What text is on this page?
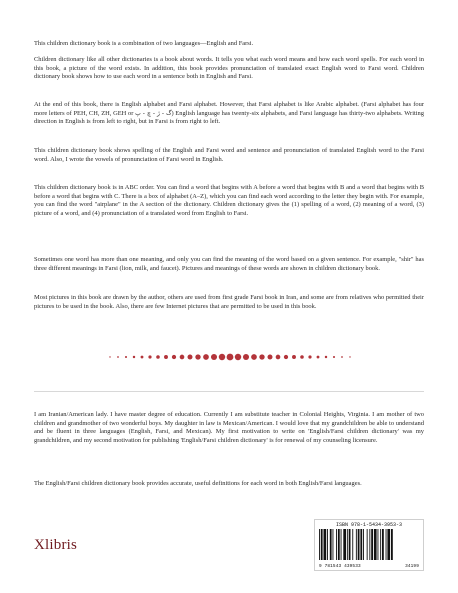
This children dictionary book is a combination of two languages—English and Farsi.

Children dictionary like all other dictionaries is a book about words. It tells you what each word means and how each word spells. For each word in this book, a picture of the word exists. In addition, this book provides pronunciation of translated exact English word to Farsi word. Children dictionary book shows how to use each word in a sentence both in English and Farsi.

At the end of this book, there is English alphabet and Farsi alphabet. However, that Farsi alphabet is like Arabic alphabet. (Farsi alphabet has four more letters of PEH, CH, ZH, GEH or گ - ژ - چ - پ) English language has twenty-six alphabets, and Farsi language has thirty-two alphabets. Writing direction in English is from left to right, but in Farsi is from right to left.

This children dictionary book shows spelling of the English and Farsi word and sentence and pronunciation of translated English word to the Farsi word. Also, I wrote the vowels of pronunciation of Farsi word in English.

This children dictionary book is in ABC order. You can find a word that begins with A before a word that begins with B and a word that begins with B before a word that begins with C. There is a box of alphabet (A–Z), which you can find each word according to the letter they begin with. For example, you can find the word "airplane" in the A section of the dictionary. Children dictionary gives the (1) spelling of a word, (2) meaning of a word, (3) picture of a word, and (4) pronunciation of a translated word from English to Farsi.

Sometimes one word has more than one meaning, and only you can find the meaning of the word based on a given sentence. For example, "shir" has three different meanings in Farsi (lion, milk, and faucet). Pictures and meanings of these words are shown in children dictionary book.

Most pictures in this book are drawn by the author, others are used from first grade Farsi book in Iran, and some are from relatives who permitted their pictures to be used in the book. Also, there are few Internet pictures that are permitted to be used in this book.

I am Iranian/American lady. I have master degree of education. Currently I am substitute teacher in Colonial Heights, Virginia. I am mother of two children and grandmother of two wonderful boys. My daughter in law is Mexican/American. I would love that my grandchildren be able to understand and be fluent in three languages (English, Farsi, and Mexican). My first motivation to write on 'English/Farsi children dictionary' was my grandchildren, and my second motivation for publishing 'English/Farsi children dictionary' is for renewal of my counseling licensure.

The English/Farsi children dictionary book provides accurate, useful definitions for each word in both English/Farsi languages.

Xlibris
ISBN 978-1-5434-3953-3
9 781543 439533	34199
